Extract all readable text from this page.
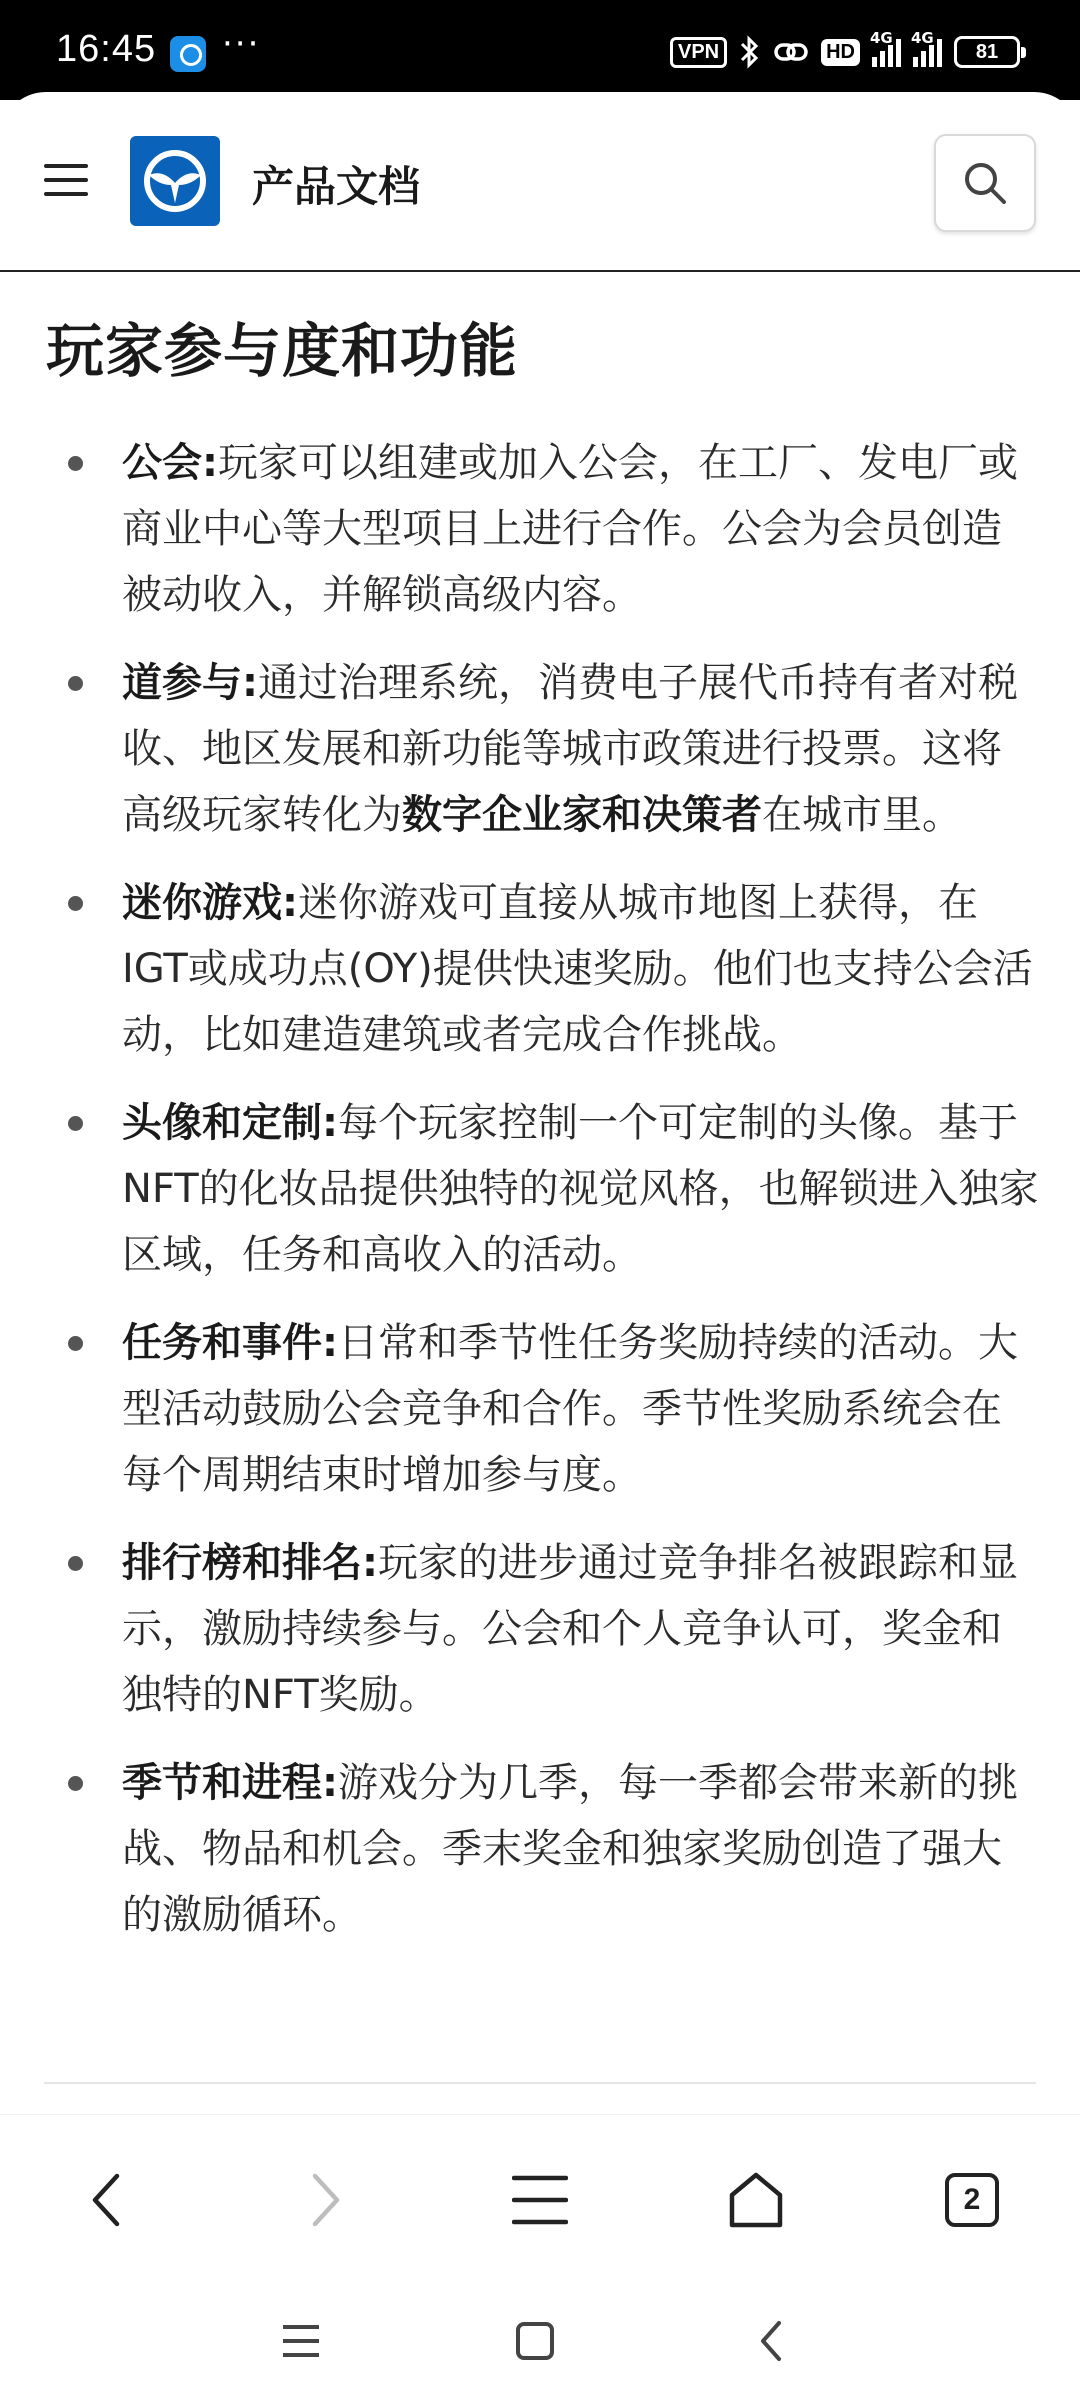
16:45 ···	VPN	HD
4G 4G
81
产品文档
玩家参与度和功能
公会:玩家可以组建或加入公会，在工厂、发电厂或商业中心等大型项目上进行合作。公会为会员创造被动收入，并解锁高级内容。
道参与:通过治理系统，消费电子展代币持有者对税收、地区发展和新功能等城市政策进行投票。这将高级玩家转化为数字企业家和决策者在城市里。
迷你游戏:迷你游戏可直接从城市地图上获得，在IGT或成功点(OY)提供快速奖励。他们也支持公会活动，比如建造建筑或者完成合作挑战。
头像和定制:每个玩家控制一个可定制的头像。基于NFT的化妆品提供独特的视觉风格，也解锁进入独家区域，任务和高收入的活动。
任务和事件:日常和季节性任务奖励持续的活动。大型活动鼓励公会竞争和合作。季节性奖励系统会在每个周期结束时增加参与度。
排行榜和排名:玩家的进步通过竞争排名被跟踪和显示，激励持续参与。公会和个人竞争认可，奖金和独特的NFT奖励。
季节和进程:游戏分为几季，每一季都会带来新的挑战、物品和机会。季末奖金和独家奖励创造了强大的激励循环。
2
